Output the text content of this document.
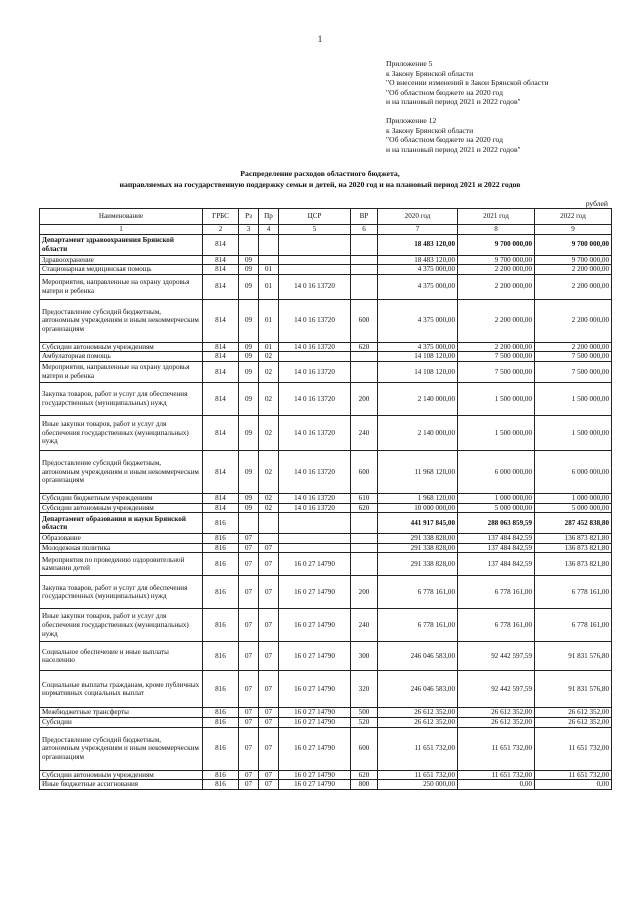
1
Приложение 5
к Закону Брянской области
"О внесении изменений в Закон Брянской области
"Об областном бюджете на 2020 год
и на плановый период 2021 и 2022 годов"
Приложение 12
к Закону Брянской области
"Об областном бюджете на 2020 год
и на плановый период 2021 и 2022 годов"
Распределение расходов областного бюджета,
направляемых на государственную поддержку семьи и детей, на 2020 год и на плановый период 2021 и 2022 годов
рублей
Наименование	ГРБС	Рз	Пр	ЦСР	ВР	2020 год	2021 год	2022 год
1	2	3	4	5	6	7	8	9
Департамент здравоохранения Брянской области	814					18 483 120,00	9 700 000,00	9 700 000,00
Здравоохранение	814	09				18 483 120,00	9 700 000,00	9 700 000,00
Стационарная медицинская помощь	814	09	01			4 375 000,00	2 200 000,00	2 200 000,00
Мероприятия, направленные на охрану здоровья матери и ребенка	814	09	01	14 0 16 13720		4 375 000,00	2 200 000,00	2 200 000,00
Предоставление субсидий бюджетным, автономным учреждениям и иным некоммерческим организациям	814	09	01	14 0 16 13720	600	4 375 000,00	2 200 000,00	2 200 000,00
Субсидии автономным учреждениям	814	09	01	14 0 16 13720	620	4 375 000,00	2 200 000,00	2 200 000,00
Амбулаторная помощь	814	09	02			14 108 120,00	7 500 000,00	7 500 000,00
Мероприятия, направленные на охрану здоровья матери и ребенка	814	09	02	14 0 16 13720		14 108 120,00	7 500 000,00	7 500 000,00
Закупка товаров, работ и услуг для обеспечения государственных (муниципальных) нужд	814	09	02	14 0 16 13720	200	2 140 000,00	1 500 000,00	1 500 000,00
Иные закупки товаров, работ и услуг для обеспечения государственных (муниципальных) нужд	814	09	02	14 0 16 13720	240	2 140 000,00	1 500 000,00	1 500 000,00
Предоставление субсидий бюджетным, автономным учреждениям и иным некоммерческим организациям	814	09	02	14 0 16 13720	600	11 968 120,00	6 000 000,00	6 000 000,00
Субсидии бюджетным учреждениям	814	09	02	14 0 16 13720	610	1 968 120,00	1 000 000,00	1 000 000,00
Субсидии автономным учреждениям	814	09	02	14 0 16 13720	620	10 000 000,00	5 000 000,00	5 000 000,00
Департамент образования и науки Брянской области	816					441 917 845,00	288 063 859,59	287 452 838,80
Образование	816	07				291 338 828,00	137 484 842,59	136 873 821,80
Молодежная политика	816	07	07			291 338 828,00	137 484 842,59	136 873 821,80
Мероприятия по проведению оздоровительной кампании детей	816	07	07	16 0 27 14790		291 338 828,00	137 484 842,59	136 873 821,80
Закупка товаров, работ и услуг для обеспечения государственных (муниципальных) нужд	816	07	07	16 0 27 14790	200	6 778 161,00	6 778 161,00	6 778 161,00
Иные закупки товаров, работ и услуг для обеспечения государственных (муниципальных) нужд	816	07	07	16 0 27 14790	240	6 778 161,00	6 778 161,00	6 778 161,00
Социальное обеспечение и иные выплаты населению	816	07	07	16 0 27 14790	300	246 046 583,00	92 442 597,59	91 831 576,80
Социальные выплаты гражданам, кроме публичных нормативных социальных выплат	816	07	07	16 0 27 14790	320	246 046 583,00	92 442 597,59	91 831 576,80
Межбюджетные трансферты	816	07	07	16 0 27 14790	500	26 612 352,00	26 612 352,00	26 612 352,00
Субсидии	816	07	07	16 0 27 14790	520	26 612 352,00	26 612 352,00	26 612 352,00
Предоставление субсидий бюджетным, автономным учреждениям и иным некоммерческим организациям	816	07	07	16 0 27 14790	600	11 651 732,00	11 651 732,00	11 651 732,00
Субсидии автономным учреждениям	816	07	07	16 0 27 14790	620	11 651 732,00	11 651 732,00	11 651 732,00
Иные бюджетные ассигнования	816	07	07	16 0 27 14790	800	250 000,00	0,00	0,00
